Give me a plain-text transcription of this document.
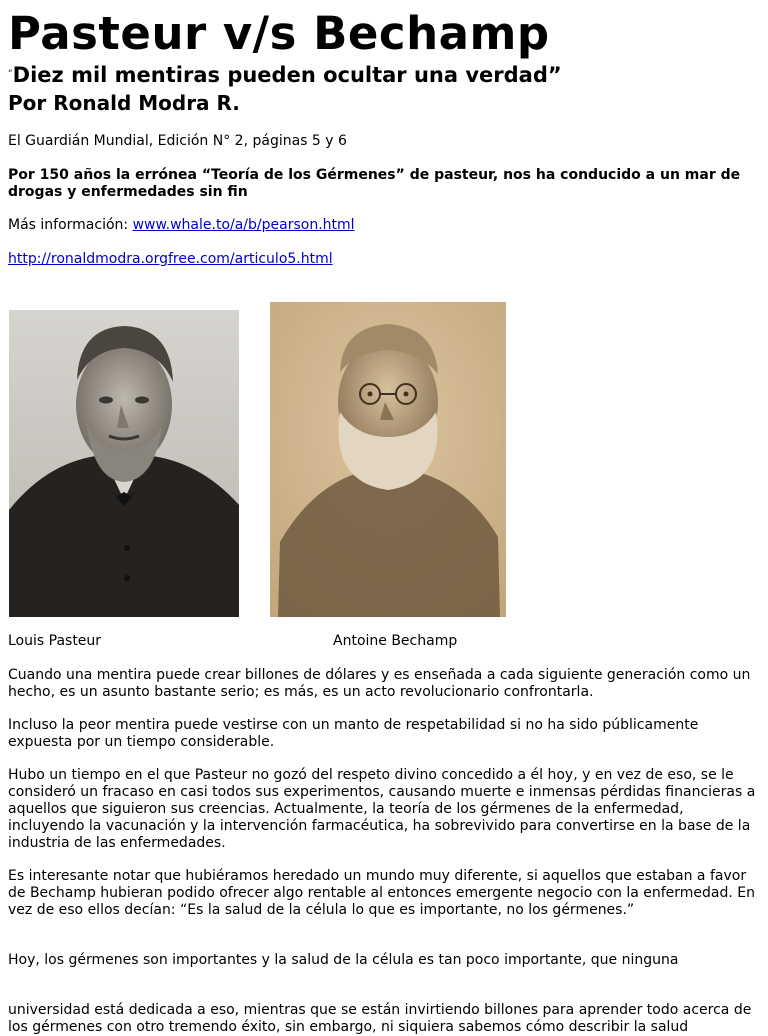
Pasteur v/s Bechamp
“Diez mil mentiras pueden ocultar una verdad”
Por Ronald Modra R.

El Guardián Mundial, Edición N° 2, páginas 5 y 6

Por 150 años la errónea “Teoría de los Gérmenes” de pasteur, nos ha conducido a un mar de drogas y enfermedades sin fin

Más información: www.whale.to/a/b/pearson.html

http://ronaldmodra.orgfree.com/articulo5.html

Louis Pasteur	Antoine Bechamp

Cuando una mentira puede crear billones de dólares y es enseñada a cada siguiente generación como un hecho, es un asunto bastante serio; es más, es un acto revolucionario confrontarla.

Incluso la peor mentira puede vestirse con un manto de respetabilidad si no ha sido públicamente expuesta por un tiempo considerable.

Hubo un tiempo en el que Pasteur no gozó del respeto divino concedido a él hoy, y en vez de eso, se le consideró un fracaso en casi todos sus experimentos, causando muerte e inmensas pérdidas financieras a aquellos que siguieron sus creencias. Actualmente, la teoría de los gérmenes de la enfermedad, incluyendo la vacunación y la intervención farmacéutica, ha sobrevivido para convertirse en la base de la industria de las enfermedades.

Es interesante notar que hubiéramos heredado un mundo muy diferente, si aquellos que estaban a favor de Bechamp hubieran podido ofrecer algo rentable al entonces emergente negocio con la enfermedad. En vez de eso ellos decían: “Es la salud de la célula lo que es importante, no los gérmenes.”

Hoy, los gérmenes son importantes y la salud de la célula es tan poco importante, que ninguna

universidad está dedicada a eso, mientras que se están invirtiendo billones para aprender todo acerca de los gérmenes con otro tremendo éxito, sin embargo, ni siquiera sabemos cómo describir la salud
